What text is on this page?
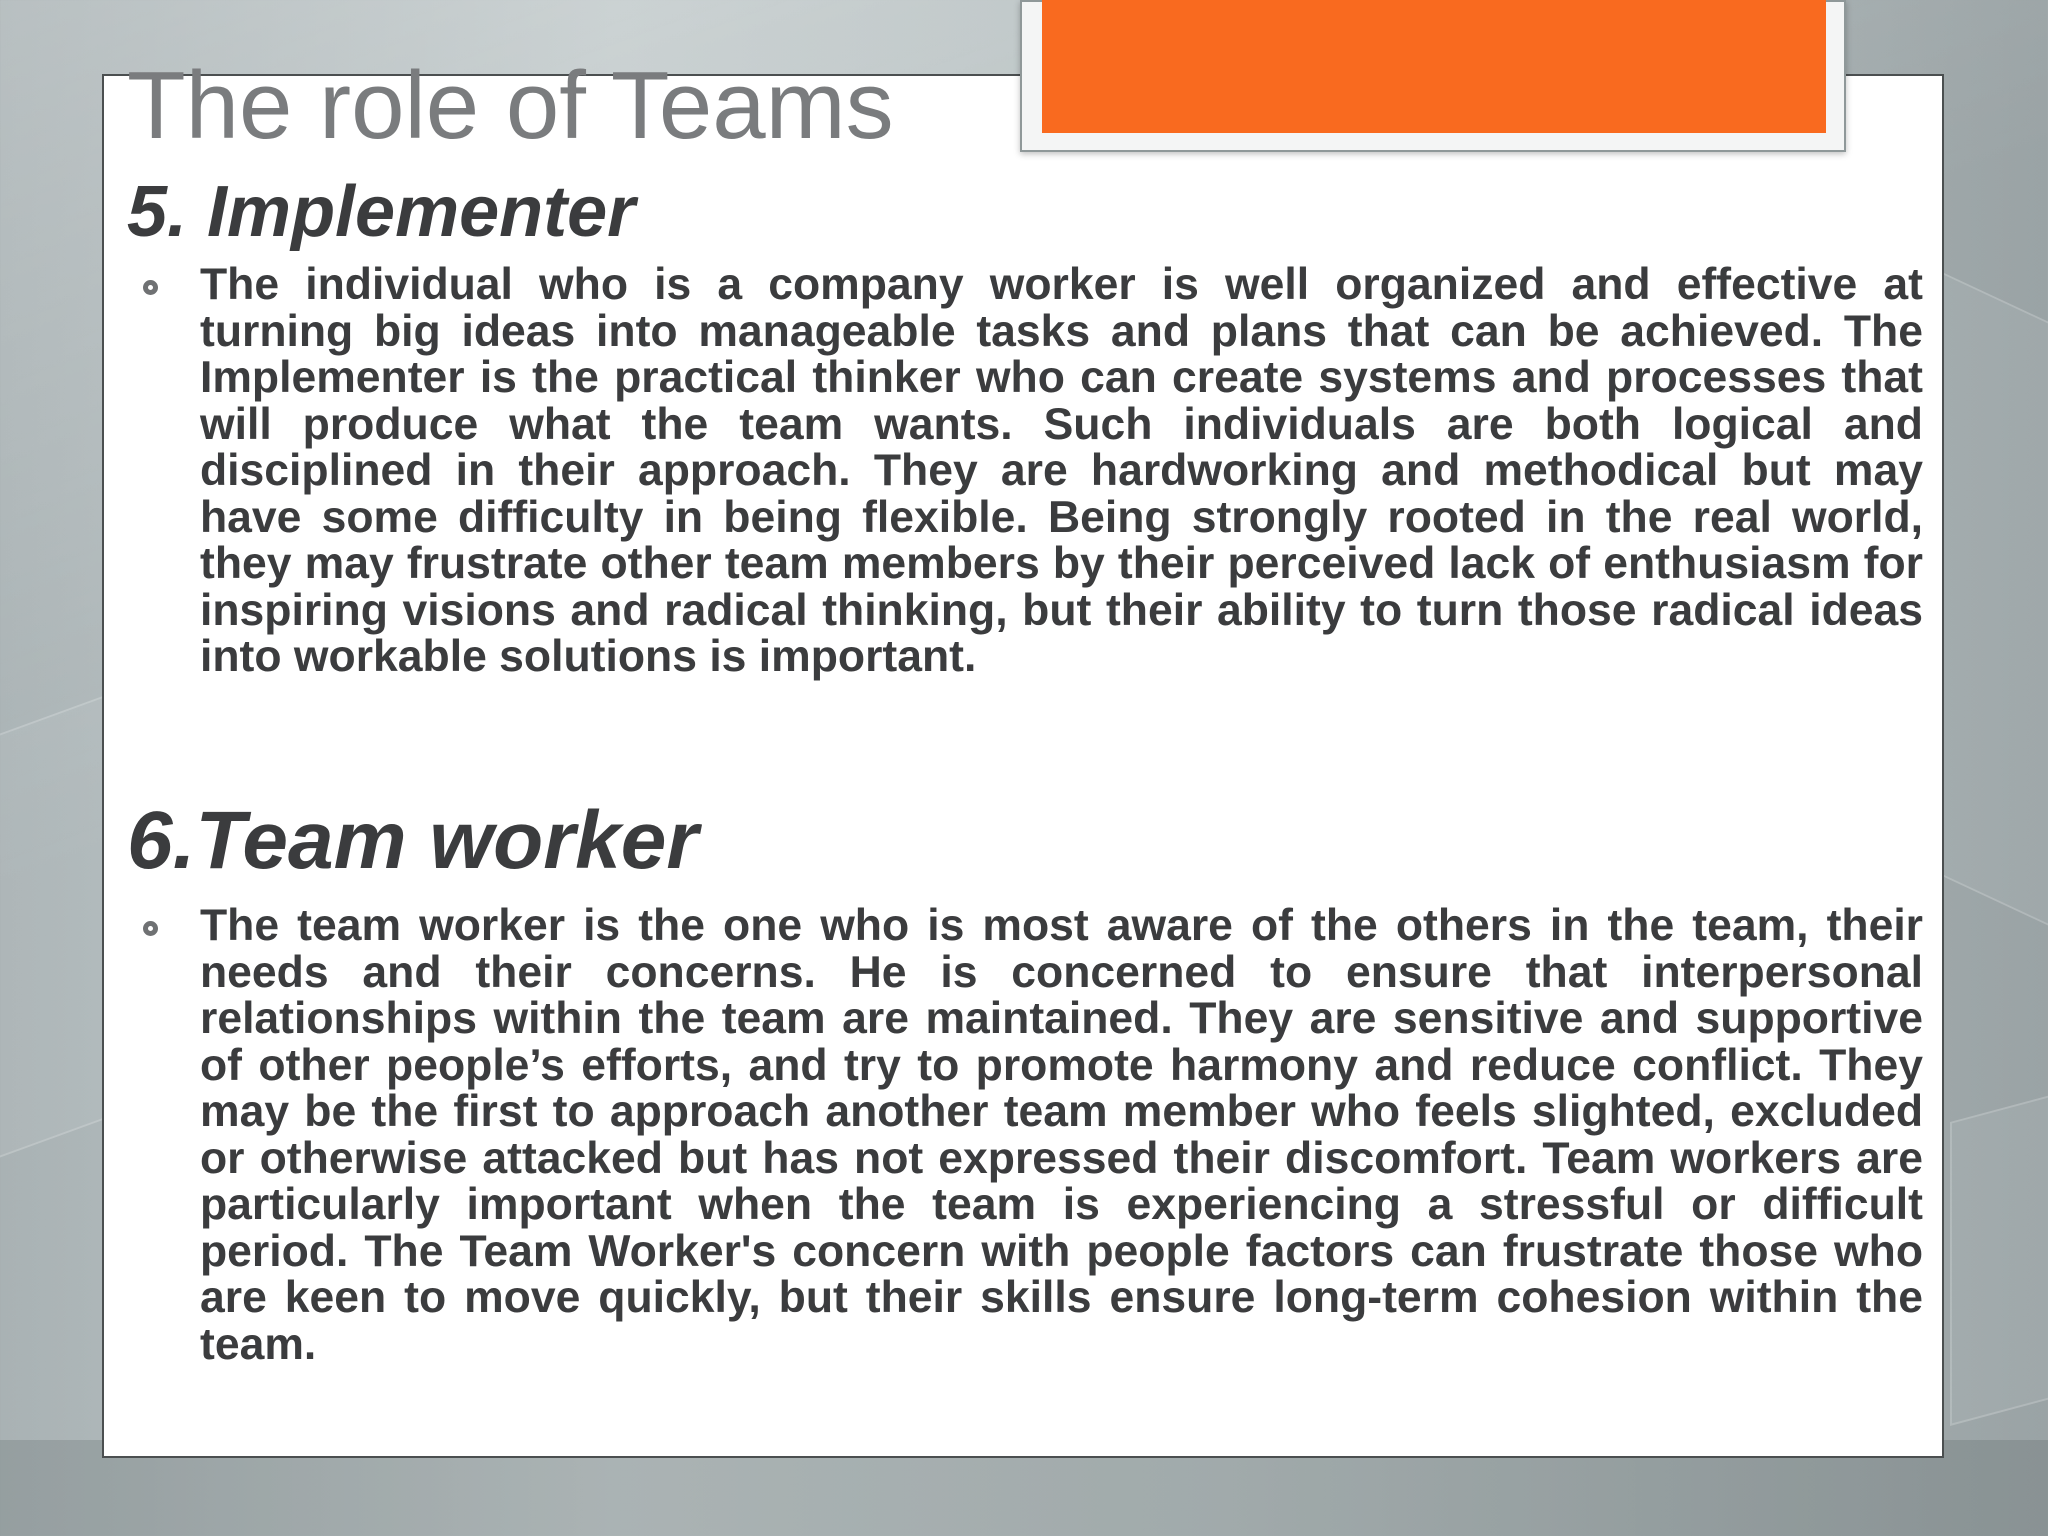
The role of Teams
5. Implementer

The individual who is a company worker is well organized and effective at turning big ideas into manageable tasks and plans that can be achieved. The Implementer is the practical thinker who can create systems and processes that will produce what the team wants. Such individuals are both logical and disciplined in their approach. They are hardworking and methodical but may have some difficulty in being flexible. Being strongly rooted in the real world, they may frustrate other team members by their perceived lack of enthusiasm for inspiring visions and radical thinking, but their ability to turn those radical ideas into workable solutions is important.

6.Team worker

The team worker is the one who is most aware of the others in the team, their needs and their concerns. He is concerned to ensure that interpersonal relationships within the team are maintained. They are sensitive and supportive of other people’s efforts, and try to promote harmony and reduce conflict. They may be the first to approach another team member who feels slighted, excluded or otherwise attacked but has not expressed their discomfort. Team workers are particularly important when the team is experiencing a stressful or difficult period. The Team Worker's concern with people factors can frustrate those who are keen to move quickly, but their skills ensure long-term cohesion within the team.
